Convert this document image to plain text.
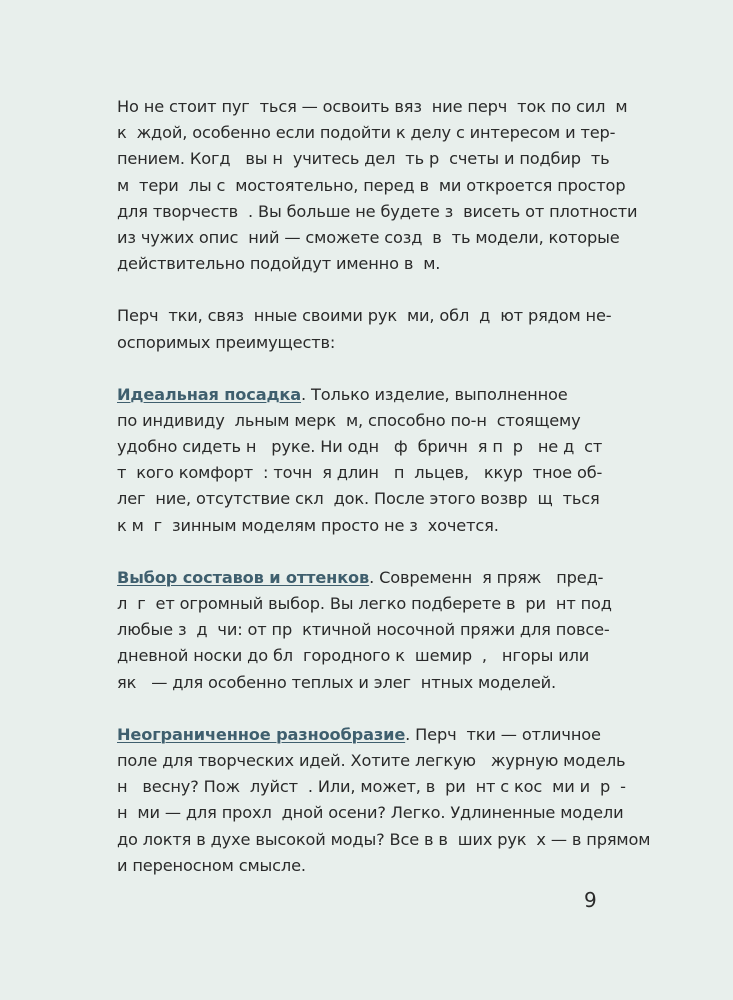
Но не стоит пуг  ться — освоить вяз  ние перч  ток по сил  м
к  ждой, особенно если подойти к делу с интересом и тер-
пением. Когд   вы н  учитесь дел  ть р  счеты и подбир  ть
м  тери  лы с  мостоятельно, перед в  ми откроется простор
для творчеств  . Вы больше не будете з  висеть от плотности
из чужих опис  ний — сможете созд  в  ть модели, которые
действительно подойдут именно в  м.

Перч  тки, связ  нные своими рук  ми, обл  д  ют рядом не-
оспоримых преимуществ:

Идеальная посадка. Только изделие, выполненное
по индивиду  льным мерк  м, способно по-н  стоящему
удобно сидеть н   руке. Ни одн   ф  бричн  я п  р   не д  ст
т  кого комфорт  : точн  я длин   п  льцев,   ккур  тное об-
лег  ние, отсутствие скл  док. После этого возвр  щ  ться
к м  г  зинным моделям просто не з  хочется.

Выбор составов и оттенков. Современн  я пряж   пред-
л  г  ет огромный выбор. Вы легко подберете в  ри  нт под
любые з  д  чи: от пр  ктичной носочной пряжи для повсе-
дневной носки до бл  городного к  шемир  ,   нгоры или
як   — для особенно теплых и элег  нтных моделей.

Неограниченное разнообразие. Перч  тки — отличное
поле для творческих идей. Хотите легкую   журную модель
н   весну? Пож  луйст  . Или, может, в  ри  нт с кос  ми и  р  -
н  ми — для прохл  дной осени? Легко. Удлиненные модели
до локтя в духе высокой моды? Все в в  ших рук  х — в прямом
и переносном смысле.

9
